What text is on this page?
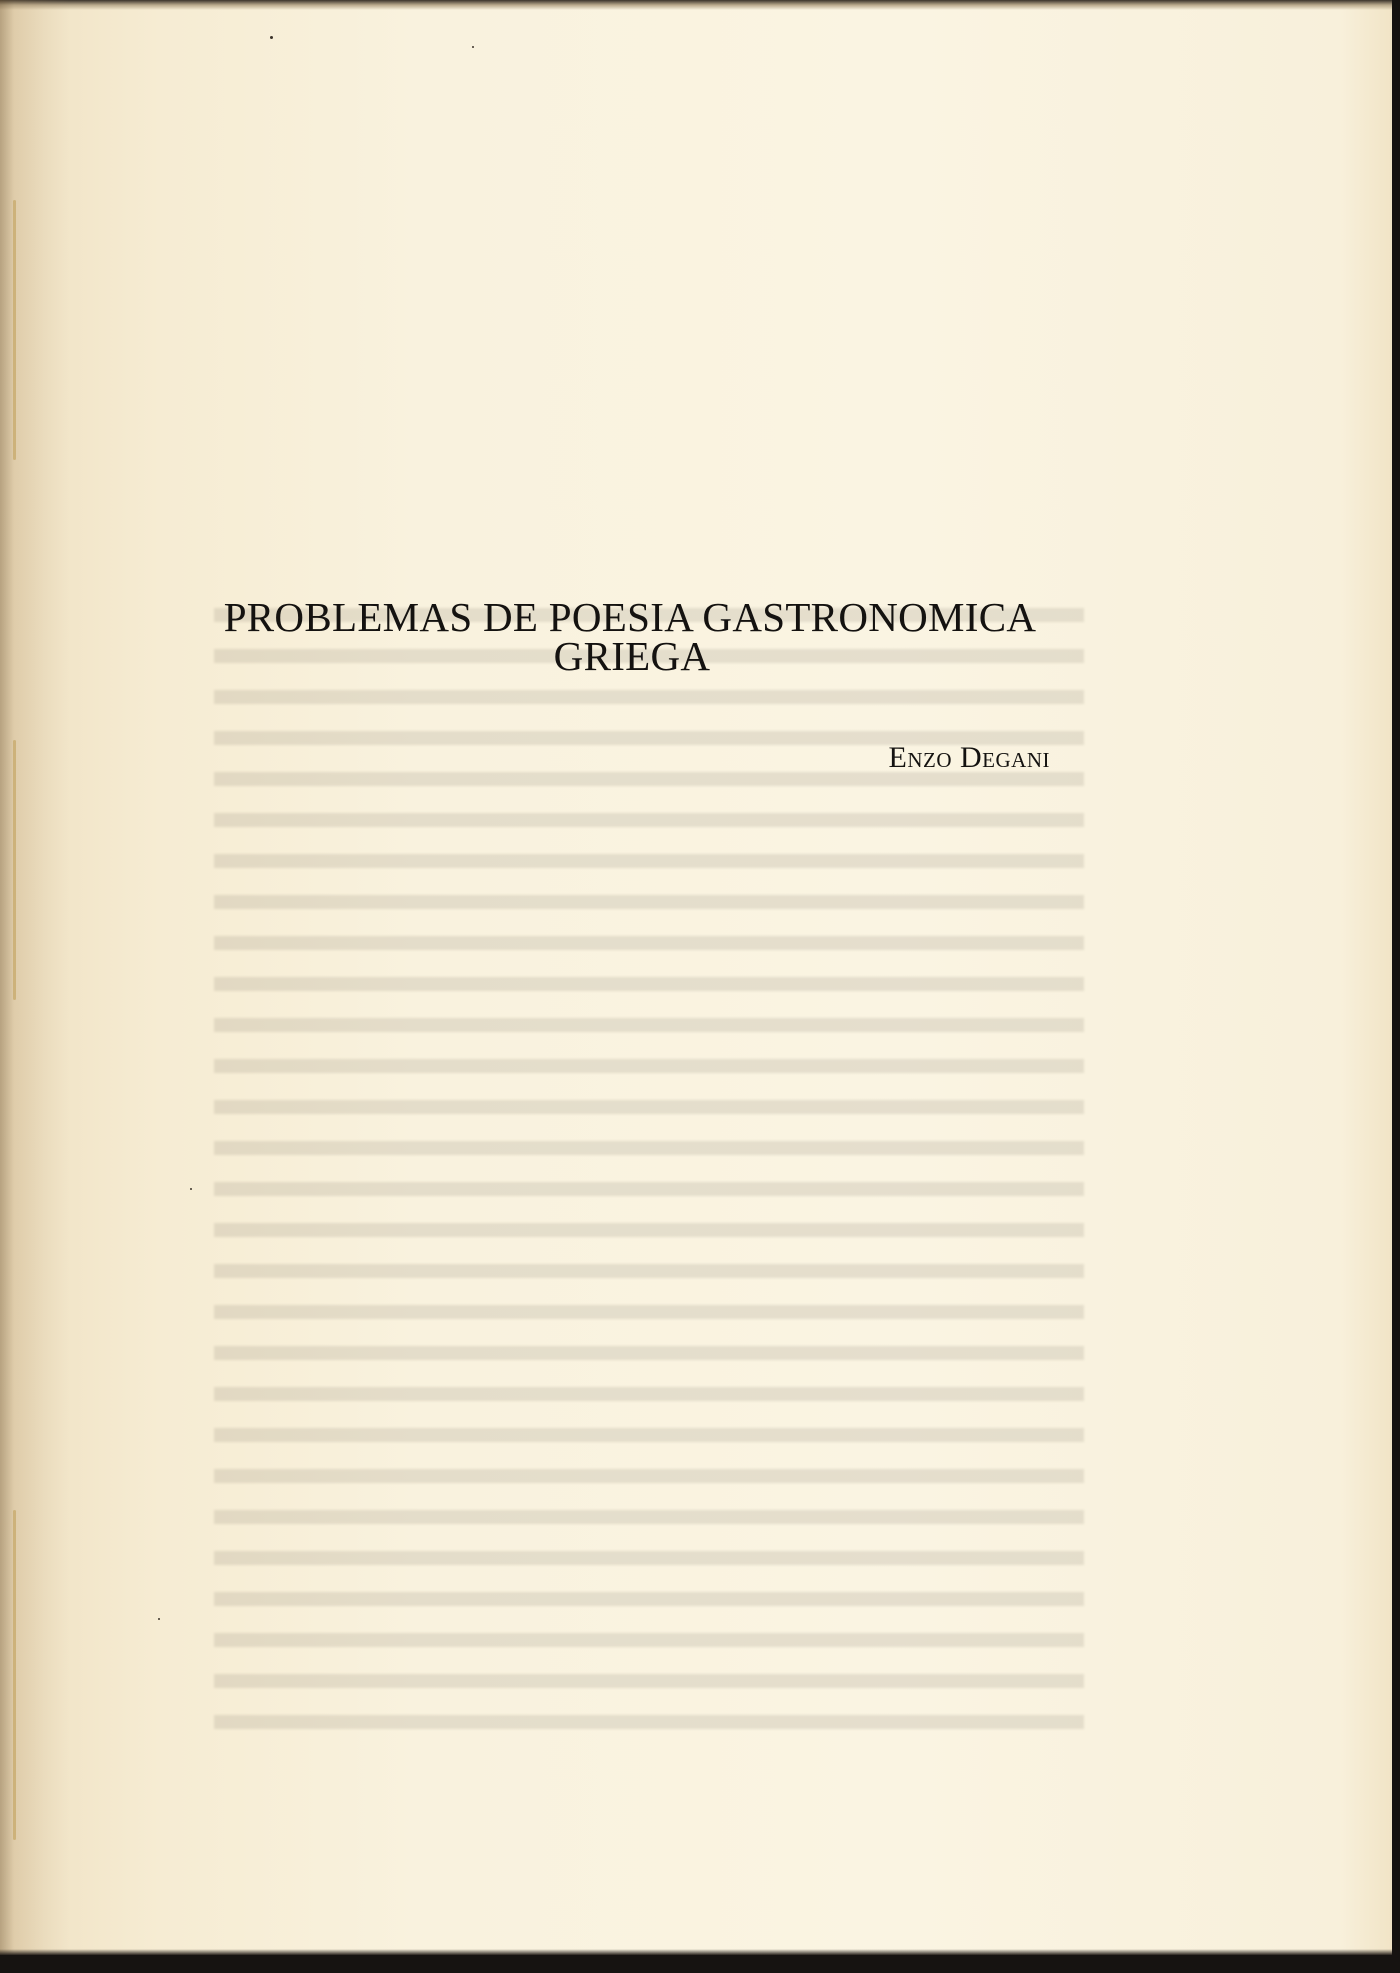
PROBLEMAS DE POESIA GASTRONOMICA
GRIEGA

Enzo Degani
